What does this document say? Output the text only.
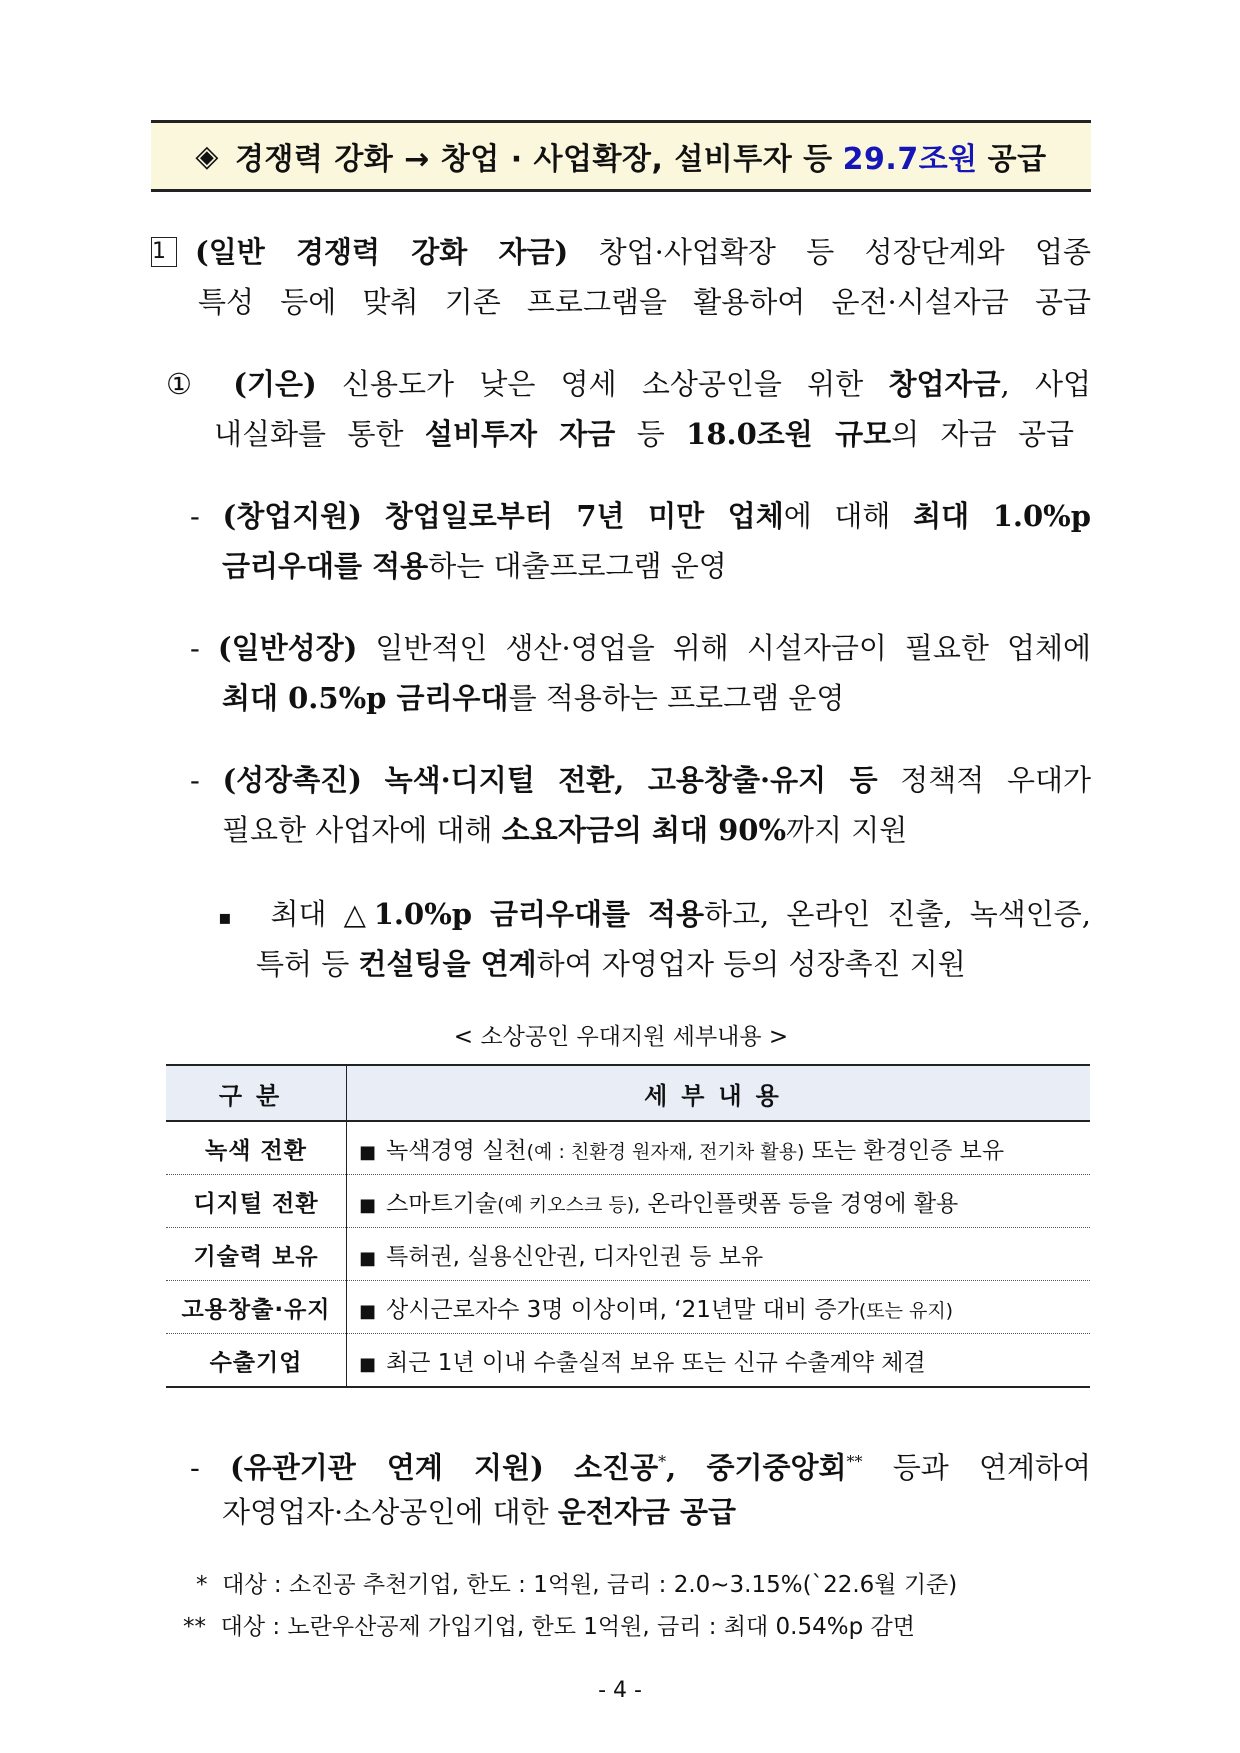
◈ 경쟁력 강화 → 창업 · 사업확장, 설비투자 등 29.7조원 공급
1 (일반 경쟁력 강화 자금) 창업·사업확장 등 성장단계와 업종
특성 등에 맞춰 기존 프로그램을 활용하여 운전·시설자금 공급
① (기은) 신용도가 낮은 영세 소상공인을 위한 창업자금, 사업
내실화를 통한 설비투자 자금 등 18.0조원 규모의 자금 공급
- (창업지원) 창업일로부터 7년 미만 업체에 대해 최대 1.0%p
금리우대를 적용하는 대출프로그램 운영
- (일반성장) 일반적인 생산·영업을 위해 시설자금이 필요한 업체에
최대 0.5%p 금리우대를 적용하는 프로그램 운영
- (성장촉진) 녹색·디지털 전환, 고용창출·유지 등 정책적 우대가
필요한 사업자에 대해 소요자금의 최대 90%까지 지원
▪ 최대 △1.0%p 금리우대를 적용하고, 온라인 진출, 녹색인증,
특허 등 컨설팅을 연계하여 자영업자 등의 성장촉진 지원
< 소상공인 우대지원 세부내용 >
구분	세부내용
녹색 전환	■ 녹색경영 실천(예 : 친환경 원자재, 전기차 활용) 또는 환경인증 보유
디지털 전환	■ 스마트기술(예 키오스크 등), 온라인플랫폼 등을 경영에 활용
기술력 보유	■ 특허권, 실용신안권, 디자인권 등 보유
고용창출·유지	■ 상시근로자수 3명 이상이며, ‘21년말 대비 증가(또는 유지)
수출기업	■ 최근 1년 이내 수출실적 보유 또는 신규 수출계약 체결
- (유관기관 연계 지원) 소진공*, 중기중앙회** 등과 연계하여
자영업자·소상공인에 대한 운전자금 공급
* 대상 : 소진공 추천기업, 한도 : 1억원, 금리 : 2.0~3.15%(`22.6월 기준)
** 대상 : 노란우산공제 가입기업, 한도 1억원, 금리 : 최대 0.54%p 감면
- 4 -
